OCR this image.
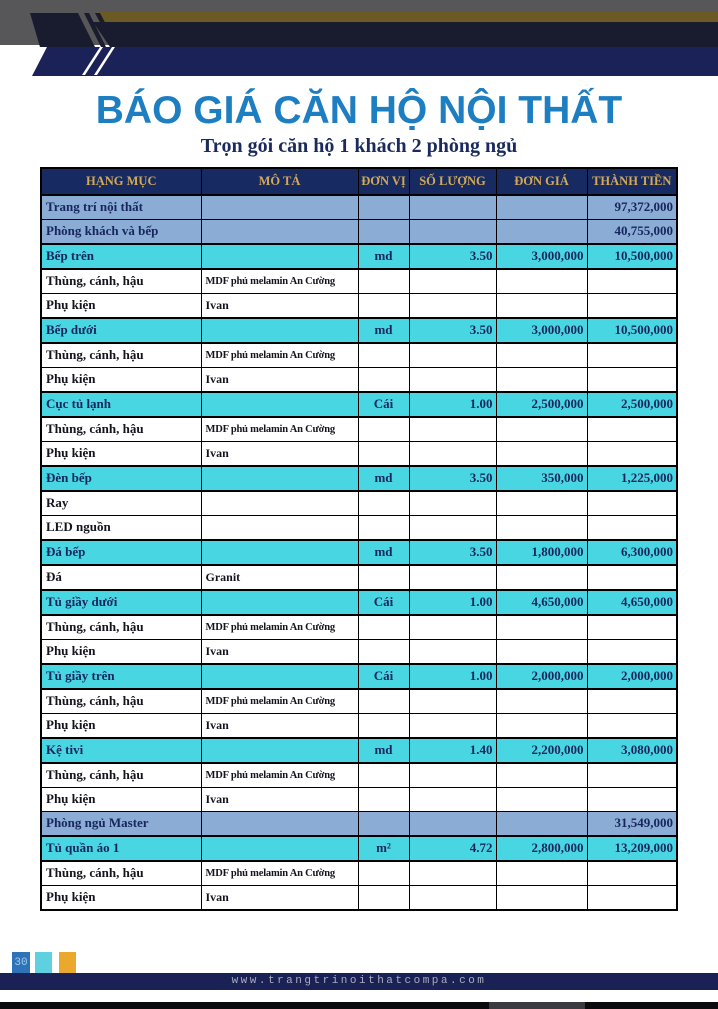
BÁO GIÁ CĂN HỘ NỘI THẤT
Trọn gói căn hộ 1 khách 2 phòng ngủ
HẠNG MỤC	MÔ TẢ	ĐƠN VỊ	SỐ LƯỢNG	ĐƠN GIÁ	THÀNH TIỀN
Trang trí nội thất					97,372,000
Phòng khách và bếp					40,755,000
Bếp trên		md	3.50	3,000,000	10,500,000
Thùng, cánh, hậu	MDF phủ melamin An Cường				
Phụ kiện	Ivan				
Bếp dưới		md	3.50	3,000,000	10,500,000
Thùng, cánh, hậu	MDF phủ melamin An Cường				
Phụ kiện	Ivan				
Cục tủ lạnh		Cái	1.00	2,500,000	2,500,000
Thùng, cánh, hậu	MDF phủ melamin An Cường				
Phụ kiện	Ivan				
Đèn bếp		md	3.50	350,000	1,225,000
Ray					
LED nguồn					
Đá bếp		md	3.50	1,800,000	6,300,000
Đá	Granit				
Tủ giầy dưới		Cái	1.00	4,650,000	4,650,000
Thùng, cánh, hậu	MDF phủ melamin An Cường				
Phụ kiện	Ivan				
Tủ giầy trên		Cái	1.00	2,000,000	2,000,000
Thùng, cánh, hậu	MDF phủ melamin An Cường				
Phụ kiện	Ivan				
Kệ tivi		md	1.40	2,200,000	3,080,000
Thùng, cánh, hậu	MDF phủ melamin An Cường				
Phụ kiện	Ivan				
Phòng ngủ Master					31,549,000
Tủ quần áo 1		m²	4.72	2,800,000	13,209,000
Thùng, cánh, hậu	MDF phủ melamin An Cường				
Phụ kiện	Ivan				
30
www.trangtrinoithatcompa.com
